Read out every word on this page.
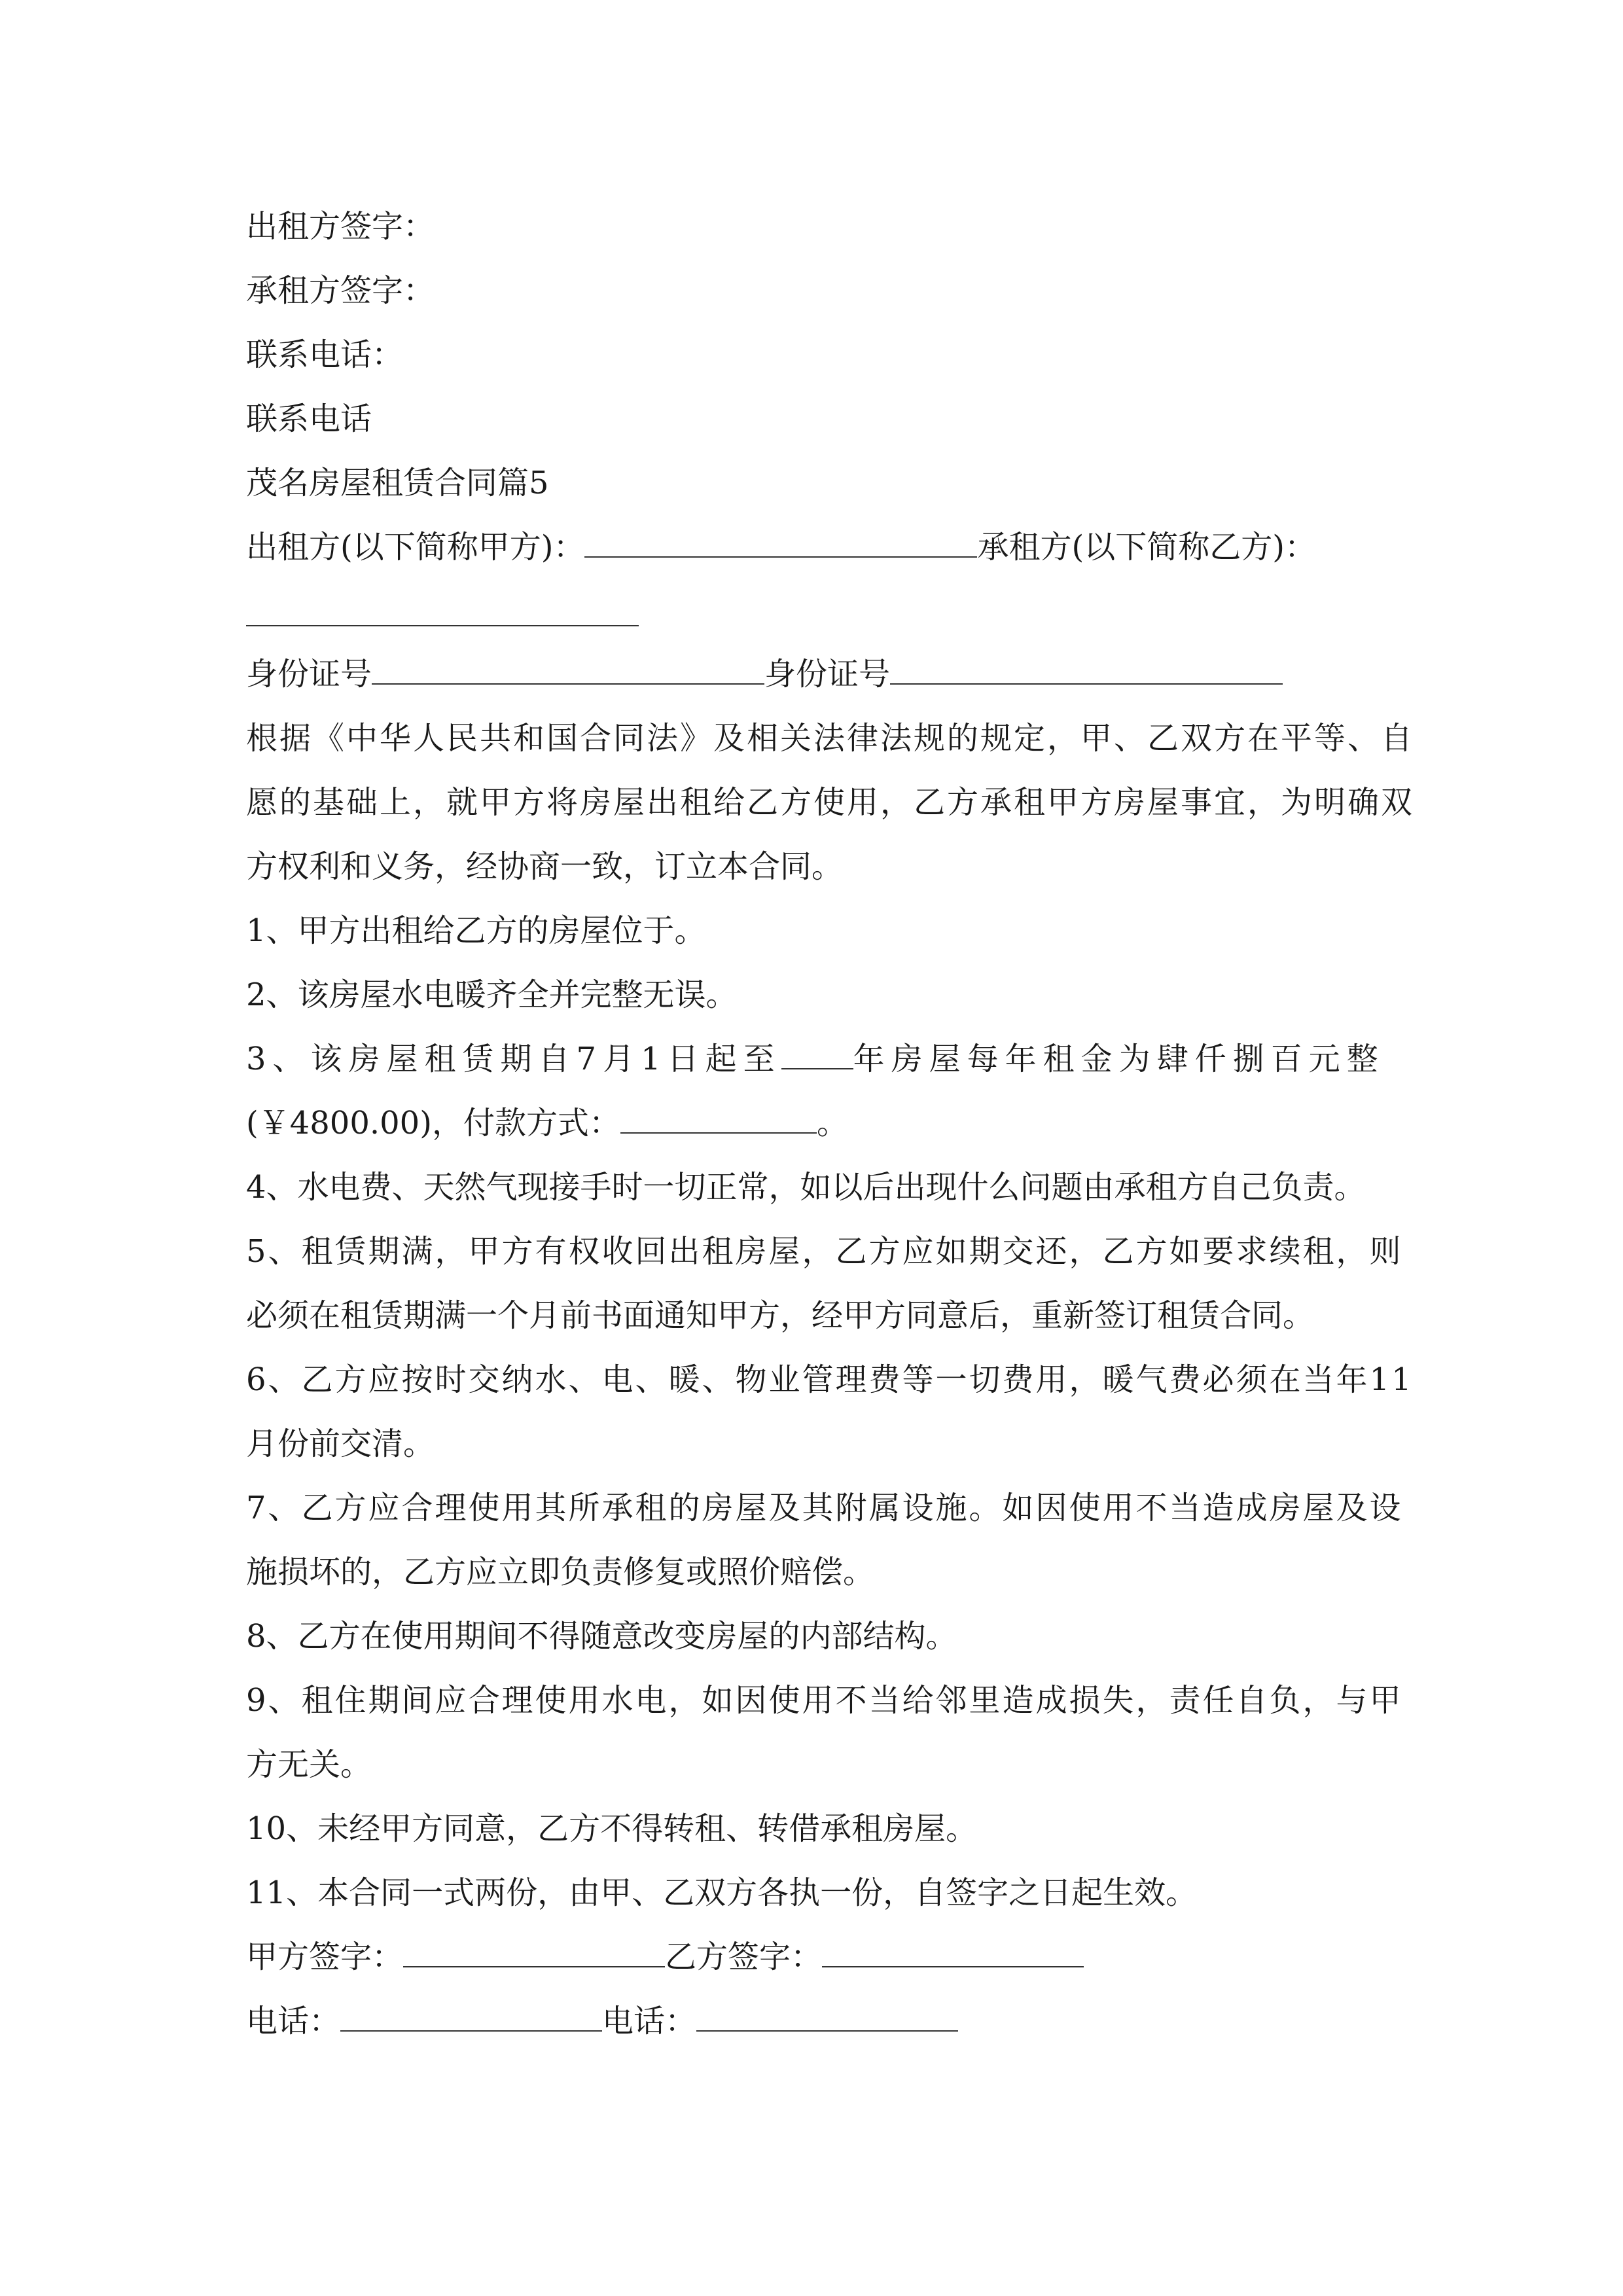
出租方签字：

承租方签字：

联系电话：

联系电话

茂名房屋租赁合同篇5

出租方(以下简称甲方)：	承租方(以下简称乙方)：

身份证号	身份证号

根据《中华人民共和国合同法》及相关法律法规的规定，甲、乙双方在平等、自

愿的基础上，就甲方将房屋出租给乙方使用，乙方承租甲方房屋事宜，为明确双

方权利和义务，经协商一致，订立本合同。

1、甲方出租给乙方的房屋位于。

2、该房屋水电暖齐全并完整无误。

3、该房屋租赁期自7月1日起至 年房屋每年租金为肆仟捌百元整

(￥4800.00)，付款方式：	。

4、水电费、天然气现接手时一切正常，如以后出现什么问题由承租方自己负责。

5、租赁期满，甲方有权收回出租房屋，乙方应如期交还，乙方如要求续租，则

必须在租赁期满一个月前书面通知甲方，经甲方同意后，重新签订租赁合同。

6、乙方应按时交纳水、电、暖、物业管理费等一切费用，暖气费必须在当年11

月份前交清。

7、乙方应合理使用其所承租的房屋及其附属设施。如因使用不当造成房屋及设

施损坏的，乙方应立即负责修复或照价赔偿。

8、乙方在使用期间不得随意改变房屋的内部结构。

9、租住期间应合理使用水电，如因使用不当给邻里造成损失，责任自负，与甲

方无关。

10、未经甲方同意，乙方不得转租、转借承租房屋。

11、本合同一式两份，由甲、乙双方各执一份，自签字之日起生效。

甲方签字：	乙方签字：

电话：	电话：
